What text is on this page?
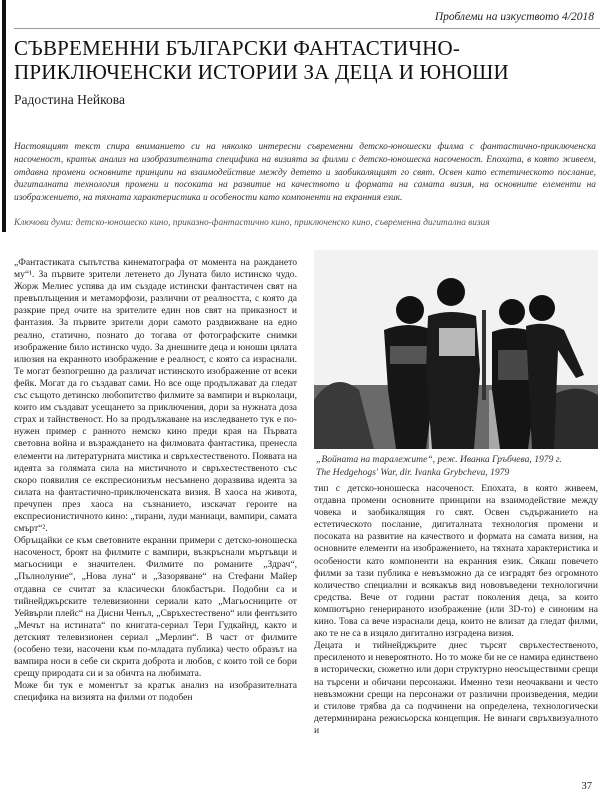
Проблеми на изкуството 4/2018
СЪВРЕМЕННИ БЪЛГАРСКИ ФАНТАСТИЧНО-
ПРИКЛЮЧЕНСКИ ИСТОРИИ ЗА ДЕЦА И ЮНОШИ
Радостина Нейкова

Настоящият текст спира вниманието си на няколко интересни съвременни детско-юношески филма с фантастично-приключенска насоченост, кратък анализ на изобразителната специфика на визията за филми с детско-юношеска насоченост. Епохата, в която живеем, отдавна промени основните принципи на взаимодействие между детето и заобикалящият го свят. Освен като естетическото послание, дигиталната технология промени и посоката на развитие на качеството и формата на самата визия, на основните елементи на изображението, на тяхната характеристика и особености като компоненти на екранния език.

Ключови думи: детско-юношеско кино, приказно-фантастично кино, приключенско кино, съвременна дигитална визия

„Фантастиката съпътства кинематографа от момента на раждането му“¹. За първите зрители летенето до Луната било истинско чудо. Жорж Мелиес успява да им създаде истински фантастичен свят на превъплъщения и метаморфози, различни от реалността, с която да разкрие пред очите на зрителите един нов свят на приказност и фантазия. За първите зрители дори самото раздвижване на едно реално, статично, познато до тогава от фотографските снимки изображение било истинско чудо. За днешните деца и юноши цялата илюзия на екранното изображение е реалност, с която са израснали. Те могат безпогрешно да различат истинското изображение от всеки фейк. Могат да го създават сами. Но все още продължават да гледат със същото детинско любопитство филмите за вампири и върколаци, които им създават усещането за приключения, дори за нужната доза страх и тайнственост. Но за продължаване на изследването тук е по-нужен пример с ранното немско кино преди края на Първата световна война и възраждането на филмовата фантастика, пренесла елементи на литературната мистика и свръхестественото. Появата на идеята за голямата сила на мистичното и свръхестественото със скоро появилия се експресионизъм несъмнено доразвива идеята за силата на фантастично-приключенската визия. В хаоса на живота, пречупен през хаоса на съзнанието, изскачат героите на експресионистичното кино: „тирани, луди маниаци, вампири, самата смърт“².

Обръщайки се към световните екранни примери с детско-юношеска насоченост, броят на филмите с вампири, възкръснали мъртъвци и магьосници е значителен. Филмите по романите „Здрач“, „Пълнолуние“, „Нова луна“ и „Зазоряване“ на Стефани Майер отдавна се считат за класически блокбастъри. Подобни са и тийнейджърските телевизионни сериали като „Магьосниците от Уейвърли плейс“ на Дисни Ченъл, „Свръхестествено“ или фентъзито „Мечът на истината“ по книгата-сериал Тери Гудкайнд, както и детският телевизионен сериал „Мерлин“. В част от филмите (особено тези, насочени към по-младата публика) често образът на вампира носи в себе си скрита доброта и любов, с които той се бори срещу природата си и за обичта на любимата.

Може би тук е моментът за кратък анализ на изобразителната специфика на визията на филми от подобен

„Войната на таралежите“, реж. Иванка Гръбчева, 1979 г.
The Hedgehogs' War, dir. Ivanka Grybcheva, 1979

тип с детско-юношеска насоченост. Епохата, в която живеем, отдавна промени основните принципи на взаимодействие между човека и заобикалящия го свят. Освен съдържанието на естетическото послание, дигиталната технология промени и посоката на развитие на качеството и формата на самата визия, на основните елементи на изображението, на тяхната характеристика и особености като компоненти на екранния език. Сякаш повечето филми за тази публика е невъзможно да се изградят без огромното количество специални и всякакъв вид нововъведени технологични средства. Вече от години растат поколения деца, за които компютърно генерираното изображение (или 3D-то) е синоним на кино. Това са вече израснали деца, които не влизат да гледат филми, ако те не са в изцяло дигитално изградена визия.

Децата и тийнейджърите днес търсят свръхестественото, пресиленото и невероятното. Но то може би не се намира единствено в исторически, сюжетно или дори структурно неосъществими срещи на търсени и обичани персонажи. Именно тези неочаквани и често невъзможни срещи на персонажи от различни произведения, медии и стилове трябва да са подчинени на определена, технологически детерминирана режисьорска концепция. Не винаги свръхвизуалното и

37
